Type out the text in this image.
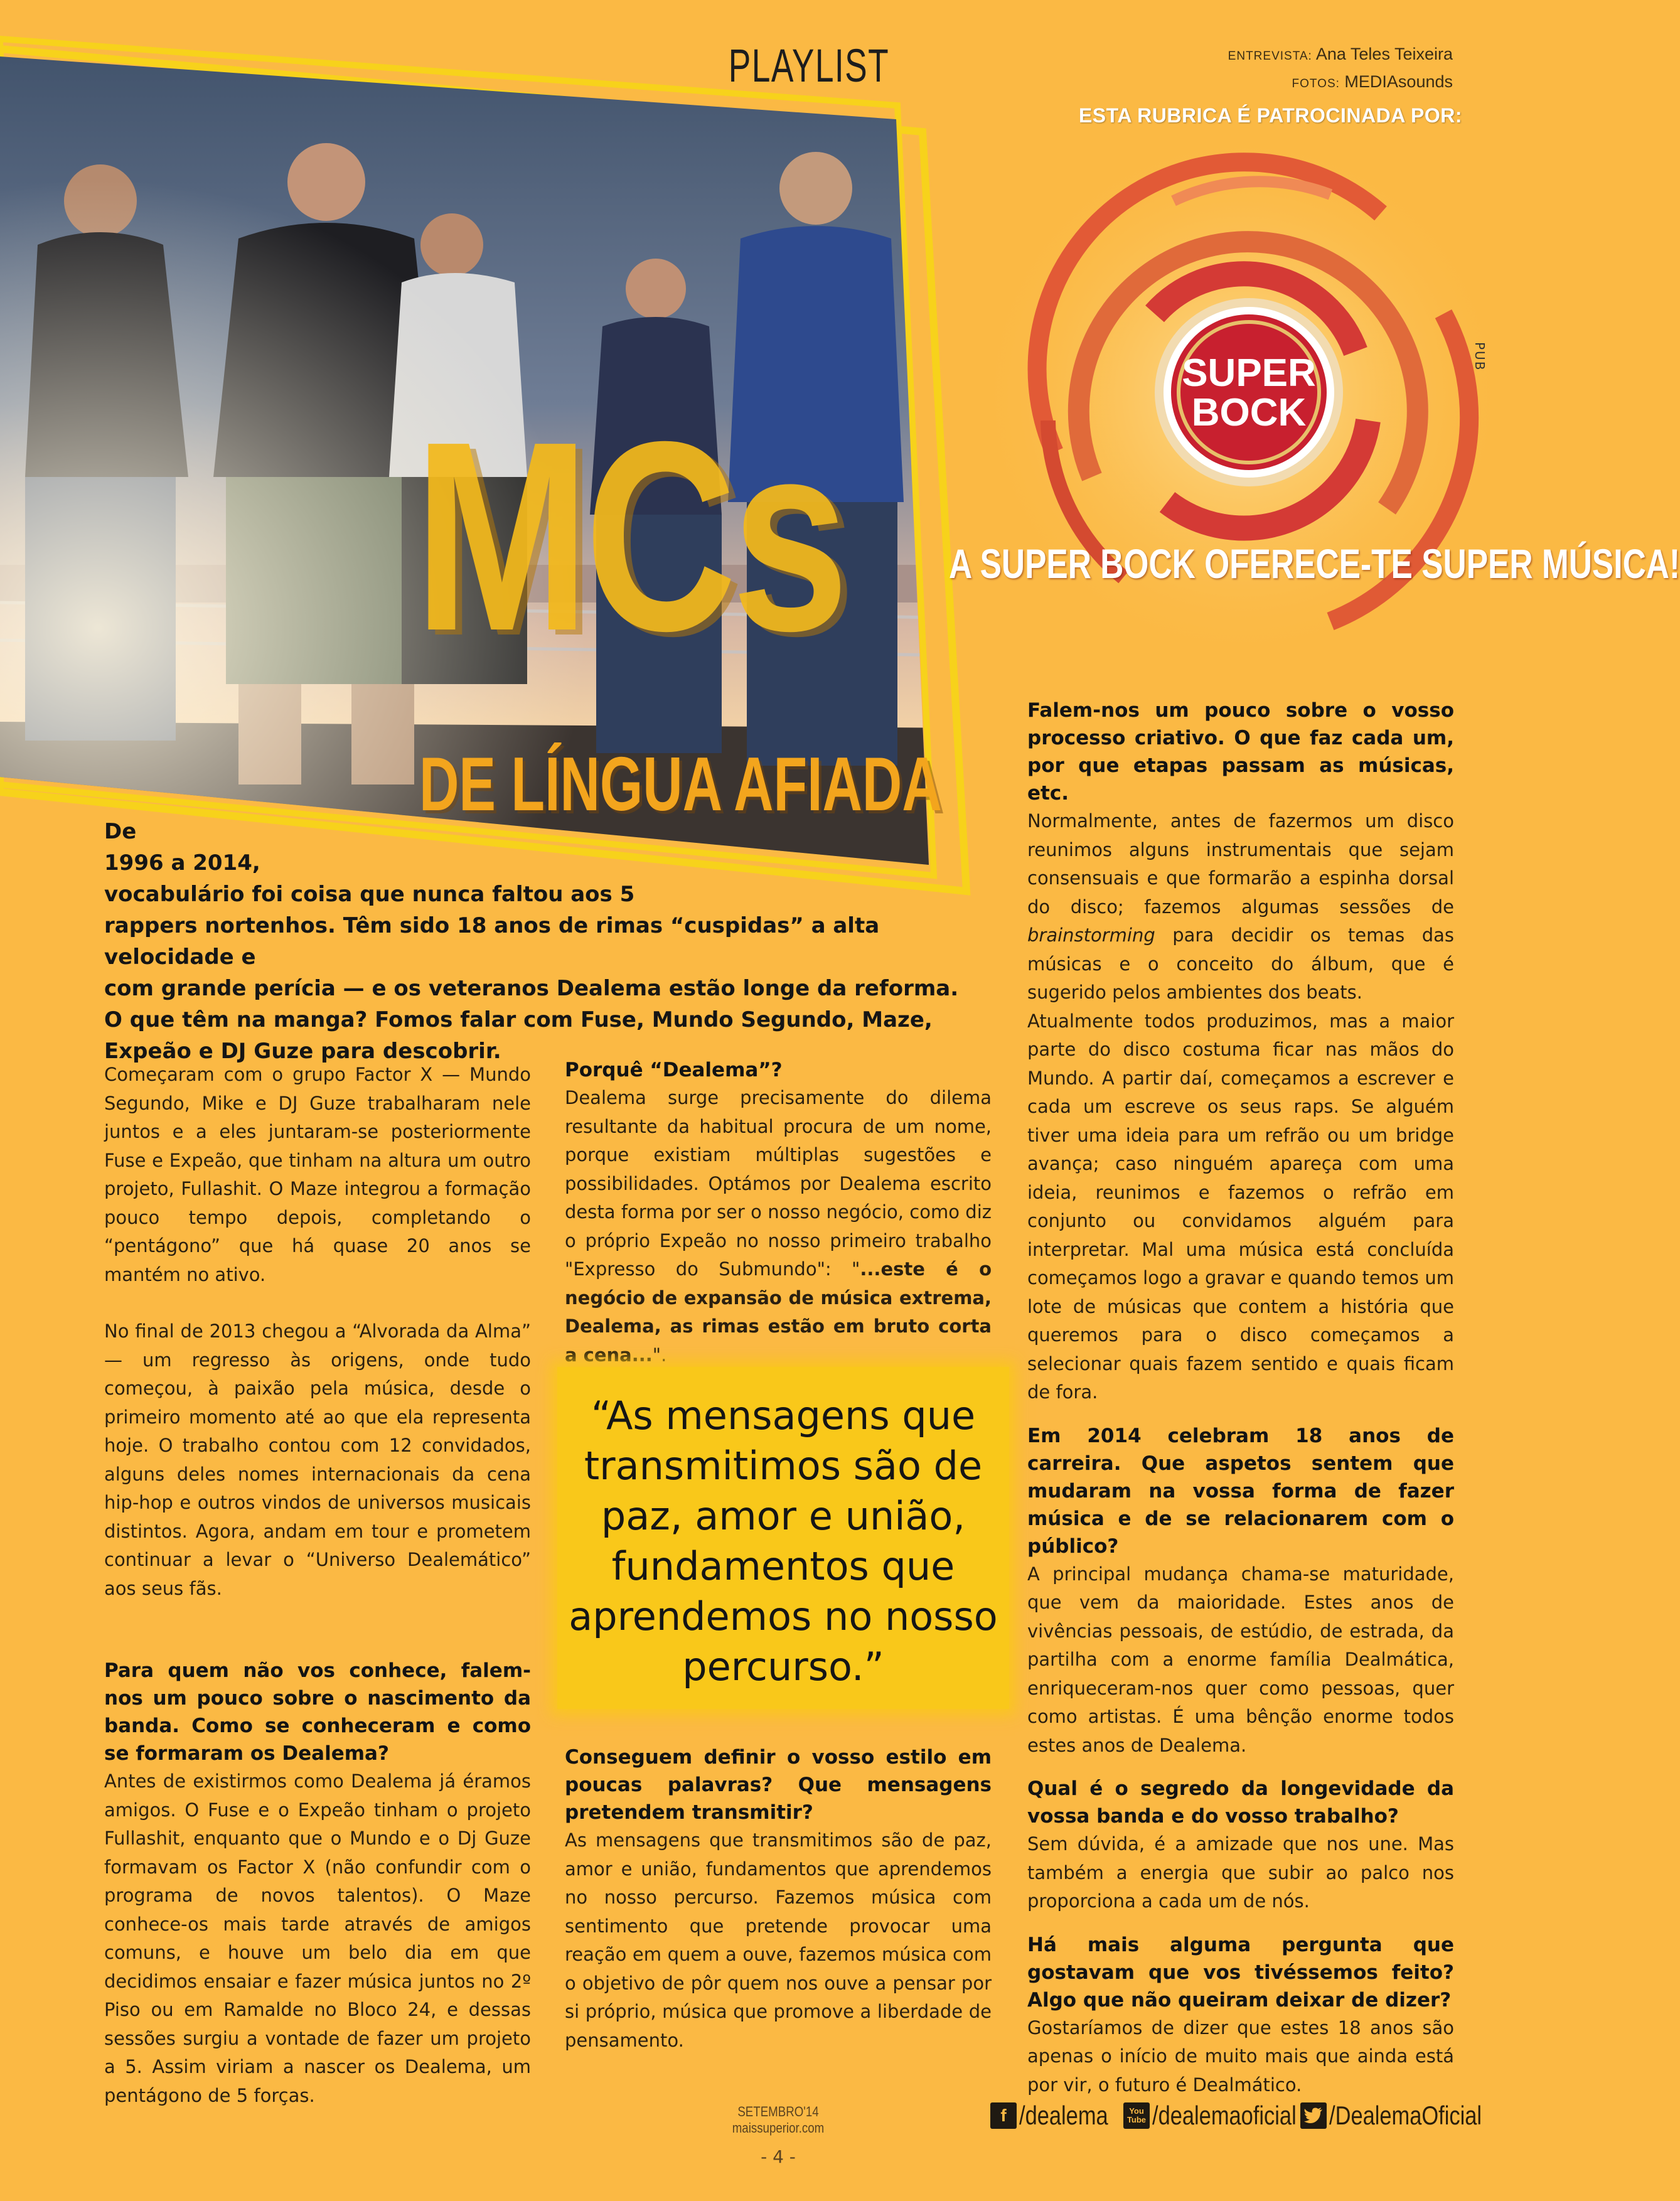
PLAYLIST	ENTREVISTA: Ana Teles Teixeira
FOTOS: MEDIAsounds
ESTA RUBRICA É PATROCINADA POR:
MCs
DE LÍNGUA AFIADA
SUPER
BOCK
PUB
A SUPER BOCK OFERECE-TE SUPER MÚSICA!

De

1996 a 2014,

vocabulário foi coisa que nunca faltou aos 5

rappers nortenhos. Têm sido 18 anos de rimas “cuspidas” a alta velocidade e

com grande perícia — e os veteranos Dealema estão longe da reforma.

O que têm na manga? Fomos falar com Fuse, Mundo Segundo, Maze,

Expeão e DJ Guze para descobrir.

Começaram com o grupo Factor X — Mundo Segundo, Mike e DJ Guze trabalharam nele juntos e a eles juntaram-se posteriormente Fuse e Expeão, que tinham na altura um outro projeto, Fullashit. O Maze integrou a formação pouco tempo depois, completando o “pentágono” que há quase 20 anos se mantém no ativo.

No final de 2013 chegou a “Alvorada da Alma” — um regresso às origens, onde tudo começou, à paixão pela música, desde o primeiro momento até ao que ela representa hoje. O trabalho contou com 12 convidados, alguns deles nomes internacionais da cena hip-hop e outros vindos de universos musicais distintos. Agora, andam em tour e prometem continuar a levar o “Universo Dealemático” aos seus fãs.

Para quem não vos conhece, falem-nos um pouco sobre o nascimento da banda. Como se conheceram e como se formaram os Dealema?

Antes de existirmos como Dealema já éramos amigos. O Fuse e o Expeão tinham o projeto Fullashit, enquanto que o Mundo e o Dj Guze formavam os Factor X (não confundir com o programa de novos talentos). O Maze conhece-os mais tarde através de amigos comuns, e houve um belo dia em que decidimos ensaiar e fazer música juntos no 2º Piso ou em Ramalde no Bloco 24, e dessas sessões surgiu a vontade de fazer um projeto a 5. Assim viriam a nascer os Dealema, um pentágono de 5 forças.

Porquê “Dealema”?

Dealema surge precisamente do dilema resultante da habitual procura de um nome, porque existiam múltiplas sugestões e possibilidades. Optámos por Dealema escrito desta forma por ser o nosso negócio, como diz o próprio Expeão no nosso primeiro trabalho "Expresso do Submundo": "...este é o negócio de expansão de música extrema, Dealema, as rimas estão em bruto corta a cena...".

“As mensagens que transmitimos são de paz, amor e união, fundamentos que aprendemos no nosso percurso.”

Conseguem definir o vosso estilo em poucas palavras? Que mensagens pretendem transmitir?

As mensagens que transmitimos são de paz, amor e união, fundamentos que aprendemos no nosso percurso. Fazemos música com sentimento que pretende provocar uma reação em quem a ouve, fazemos música com o objetivo de pôr quem nos ouve a pensar por si próprio, música que promove a liberdade de pensamento.

Falem-nos um pouco sobre o vosso processo criativo. O que faz cada um, por que etapas passam as músicas, etc.

Normalmente, antes de fazermos um disco reunimos alguns instrumentais que sejam consensuais e que formarão a espinha dorsal do disco; fazemos algumas sessões de brainstorming para decidir os temas das músicas e o conceito do álbum, que é sugerido pelos ambientes dos beats.

Atualmente todos produzimos, mas a maior parte do disco costuma ficar nas mãos do Mundo. A partir daí, começamos a escrever e cada um escreve os seus raps. Se alguém tiver uma ideia para um refrão ou um bridge avança; caso ninguém apareça com uma ideia, reunimos e fazemos o refrão em conjunto ou convidamos alguém para interpretar. Mal uma música está concluída começamos logo a gravar e quando temos um lote de músicas que contem a história que queremos para o disco começamos a selecionar quais fazem sentido e quais ficam de fora.

Em 2014 celebram 18 anos de carreira. Que aspetos sentem que mudaram na vossa forma de fazer música e de se relacionarem com o público?

A principal mudança chama-se maturidade, que vem da maioridade. Estes anos de vivências pessoais, de estúdio, de estrada, da partilha com a enorme família Dealmática, enriqueceram-nos quer como pessoas, quer como artistas. É uma bênção enorme todos estes anos de Dealema.

Qual é o segredo da longevidade da vossa banda e do vosso trabalho?

Sem dúvida, é a amizade que nos une. Mas também a energia que subir ao palco nos proporciona a cada um de nós.

Há mais alguma pergunta que gostavam que vos tivéssemos feito? Algo que não queiram deixar de dizer?

Gostaríamos de dizer que estes 18 anos são apenas o início de muito mais que ainda está por vir, o futuro é Dealmático.

SETEMBRO'14
maissuperior.com
- 4 -
f /dealema	You Tube /dealemaoficial /DealemaOficial
